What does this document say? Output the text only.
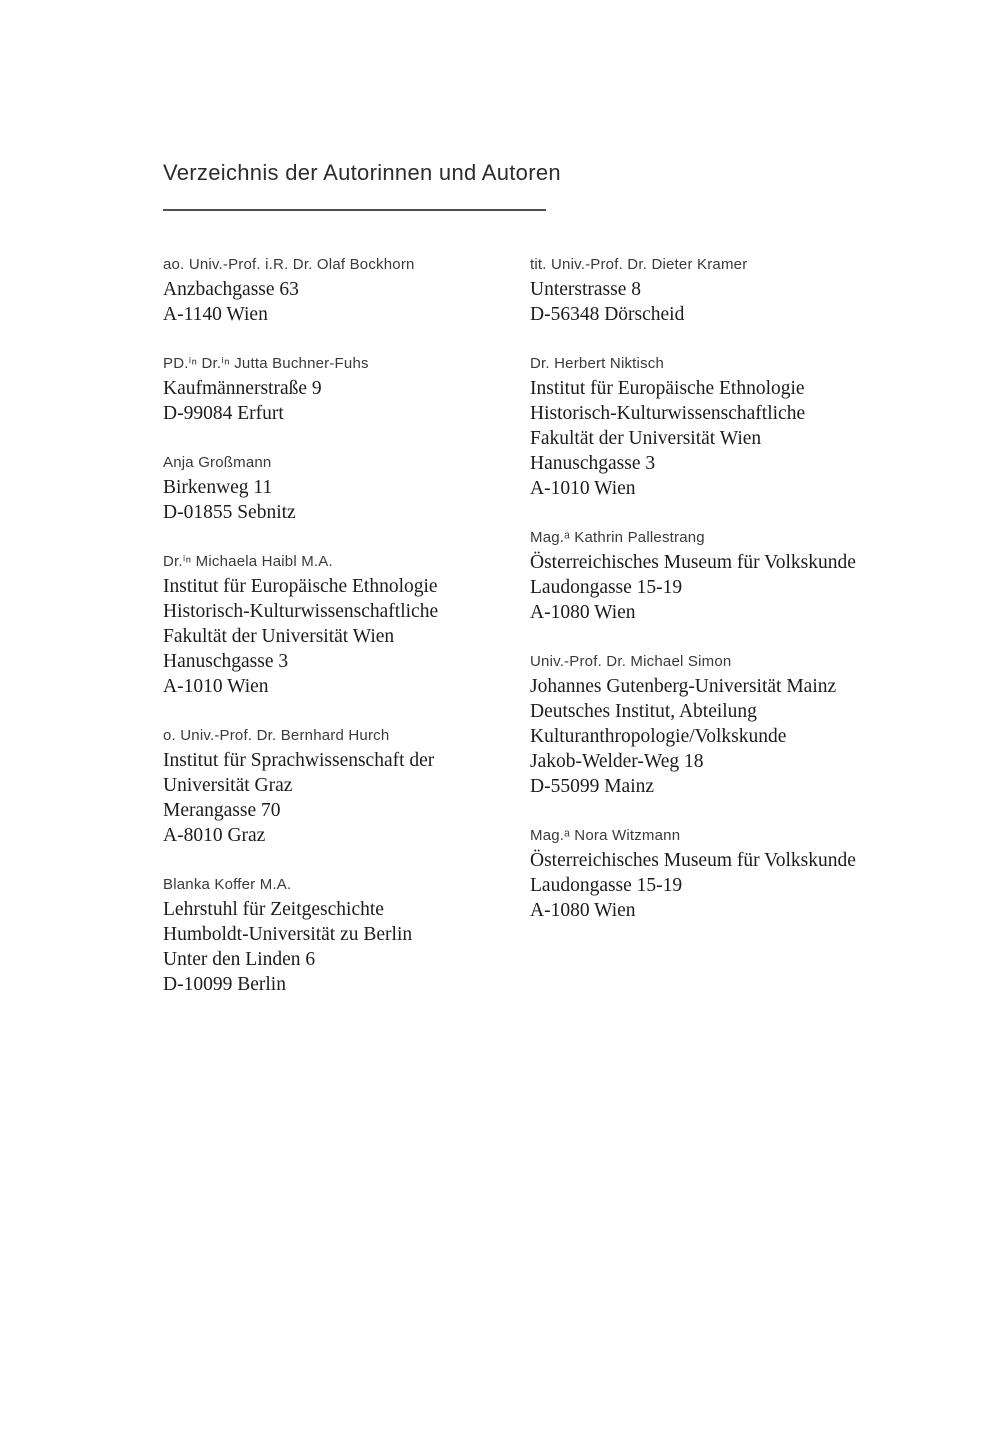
Verzeichnis der Autorinnen und Autoren
ao. Univ.-Prof. i.R. Dr. Olaf Bockhorn
Anzbachgasse 63
A-1140 Wien
PD.ⁱⁿ Dr.ⁱⁿ Jutta Buchner-Fuhs
Kaufmännerstraße 9
D-99084 Erfurt
Anja Großmann
Birkenweg 11
D-01855 Sebnitz
Dr.ⁱⁿ Michaela Haibl M.A.
Institut für Europäische Ethnologie
Historisch-Kulturwissenschaftliche
Fakultät der Universität Wien
Hanuschgasse 3
A-1010 Wien
o. Univ.-Prof. Dr. Bernhard Hurch
Institut für Sprachwissenschaft der
Universität Graz
Merangasse 70
A-8010 Graz
Blanka Koffer M.A.
Lehrstuhl für Zeitgeschichte
Humboldt-Universität zu Berlin
Unter den Linden 6
D-10099 Berlin
tit. Univ.-Prof. Dr. Dieter Kramer
Unterstrasse 8
D-56348 Dörscheid
Dr. Herbert Niktisch
Institut für Europäische Ethnologie
Historisch-Kulturwissenschaftliche
Fakultät der Universität Wien
Hanuschgasse 3
A-1010 Wien
Mag.ᵃ Kathrin Pallestrang
Österreichisches Museum für Volkskunde
Laudongasse 15-19
A-1080 Wien
Univ.-Prof. Dr. Michael Simon
Johannes Gutenberg-Universität Mainz
Deutsches Institut, Abteilung
Kulturanthropologie/Volkskunde
Jakob-Welder-Weg 18
D-55099 Mainz
Mag.ᵃ Nora Witzmann
Österreichisches Museum für Volkskunde
Laudongasse 15-19
A-1080 Wien
